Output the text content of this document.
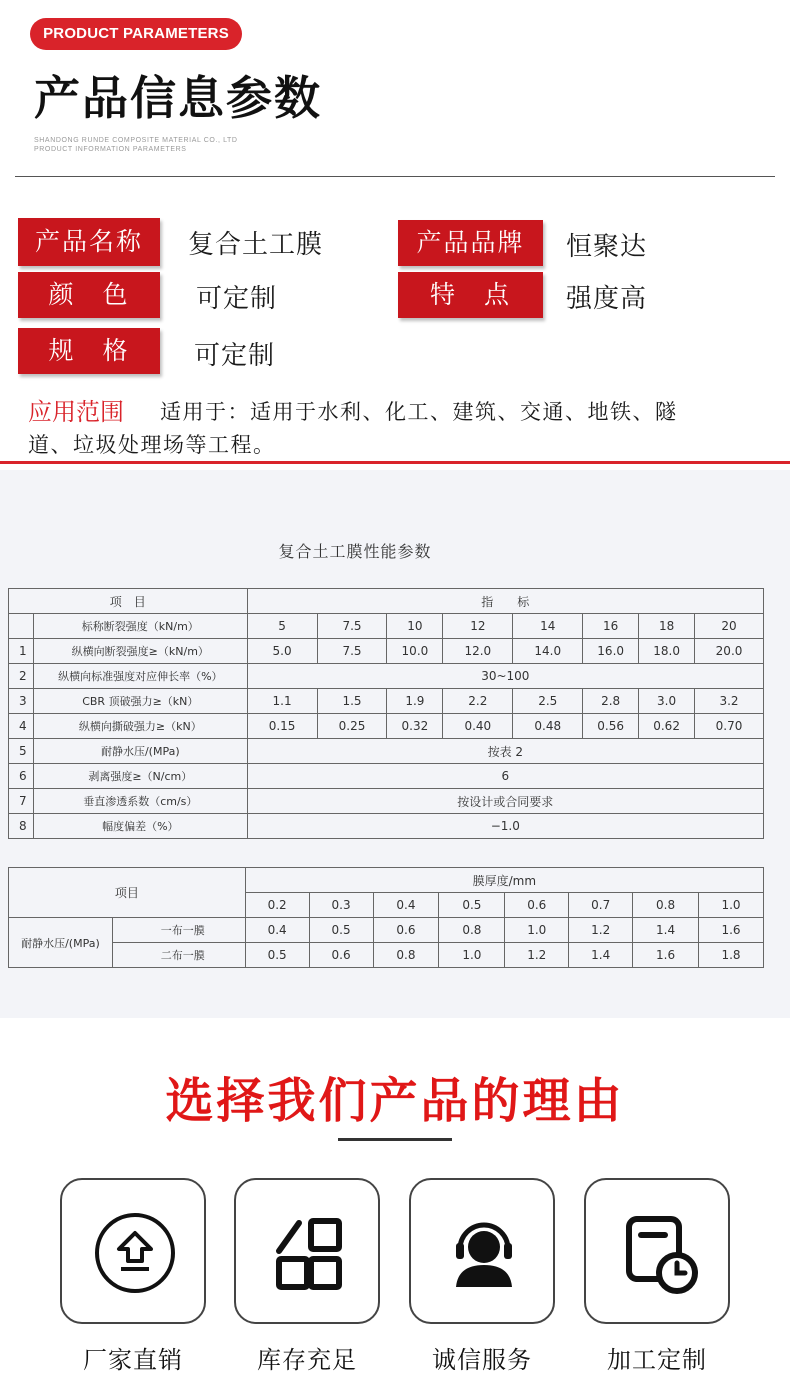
PRODUCT PARAMETERS
产品信息参数
SHANDONG RUNDE COMPOSITE MATERIAL CO., LTD
PRODUCT INFORMATION PARAMETERS
产品名称	复合土工膜	产品品牌	恒聚达
颜　色	可定制	特　点	强度高
规　格	可定制
应用范围 适用于：适用于水利、化工、建筑、交通、地铁、隧
道、垃圾处理场等工程。
复合土工膜性能参数
项　目		指　　标							
	标称断裂强度（kN/m）	5	7.5	10	12	14	16	18	20
1	纵横向断裂强度≥（kN/m）	5.0	7.5	10.0	12.0	14.0	16.0	18.0	20.0
2	纵横向标准强度对应伸长率（%）	30~100							
3	CBR 顶破强力≥（kN）	1.1	1.5	1.9	2.2	2.5	2.8	3.0	3.2
4	纵横向撕破强力≥（kN）	0.15	0.25	0.32	0.40	0.48	0.56	0.62	0.70
5	耐静水压/(MPa)	按表 2							
6	剥离强度≥（N/cm）	6							
7	垂直渗透系数（cm/s）	按设计或合同要求							
8	幅度偏差（%）	−1.0							
项目		膜厚度/mm							
		0.2	0.3	0.4	0.5	0.6	0.7	0.8	1.0
耐静水压/(MPa)	一布一膜	0.4	0.5	0.6	0.8	1.0	1.2	1.4	1.6
	二布一膜	0.5	0.6	0.8	1.0	1.2	1.4	1.6	1.8
选择我们产品的理由
厂家直销	库存充足	诚信服务	加工定制
